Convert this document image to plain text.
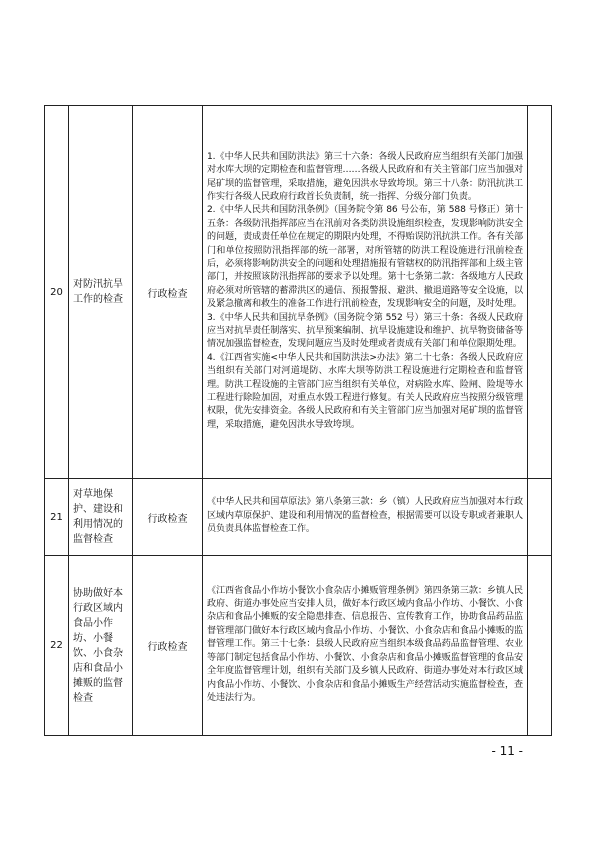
20	对防汛抗旱工作的检查	行政检查	1.《中华人民共和国防洪法》第三十六条：各级人民政府应当组织有关部门加强对水库大坝的定期检查和监督管理……各级人民政府和有关主管部门应当加强对尾矿坝的监督管理，采取措施，避免因洪水导致垮坝。第三十八条：防汛抗洪工作实行各级人民政府行政首长负责制，统一指挥、分级分部门负责。

2.《中华人民共和国防汛条例》（国务院令第 86 号公布，第 588 号修正）第十五条：各级防汛指挥部应当在汛前对各类防洪设施组织检查，发现影响防洪安全的问题，责成责任单位在规定的期限内处理，不得贻误防汛抗洪工作。各有关部门和单位按照防汛指挥部的统一部署，对所管辖的防洪工程设施进行汛前检查后，必须将影响防洪安全的问题和处理措施报有管辖权的防汛指挥部和上级主管部门，并按照该防汛指挥部的要求予以处理。第十七条第二款：各级地方人民政府必须对所管辖的蓄滞洪区的通信、预报警报、避洪、撤退道路等安全设施，以及紧急撤离和救生的准备工作进行汛前检查，发现影响安全的问题，及时处理。

3.《中华人民共和国抗旱条例》（国务院令第 552 号）第三十条：各级人民政府应当对抗旱责任制落实、抗旱预案编制、抗旱设施建设和维护、抗旱物资储备等情况加强监督检查，发现问题应当及时处理或者责成有关部门和单位限期处理。

4.《江西省实施<中华人民共和国防洪法>办法》第二十七条：各级人民政府应当组织有关部门对河道堤防、水库大坝等防洪工程设施进行定期检查和监督管理。防洪工程设施的主管部门应当组织有关单位，对病险水库、险闸、险堤等水工程进行除险加固，对重点水毁工程进行修复。有关人民政府应当按照分级管理权限，优先安排资金。各级人民政府和有关主管部门应当加强对尾矿坝的监督管理，采取措施，避免因洪水导致垮坝。	

21	对草地保护、建设和利用情况的监督检查	行政检查	《中华人民共和国草原法》第八条第三款：乡（镇）人民政府应当加强对本行政区域内草原保护、建设和利用情况的监督检查，根据需要可以设专职或者兼职人员负责具体监督检查工作。	

22	协助做好本行政区域内食品小作坊、小餐饮、小食杂店和食品小摊贩的监督检查	行政检查	《江西省食品小作坊小餐饮小食杂店小摊贩管理条例》第四条第三款：乡镇人民政府、街道办事处应当安排人员，做好本行政区域内食品小作坊、小餐饮、小食杂店和食品小摊贩的安全隐患排查、信息报告、宣传教育工作，协助食品药品监督管理部门做好本行政区域内食品小作坊、小餐饮、小食杂店和食品小摊贩的监督管理工作。第三十七条：县级人民政府应当组织本级食品药品监督管理、农业等部门制定包括食品小作坊、小餐饮、小食杂店和食品小摊贩监督管理的食品安全年度监督管理计划，组织有关部门及乡镇人民政府、街道办事处对本行政区域内食品小作坊、小餐饮、小食杂店和食品小摊贩生产经营活动实施监督检查，查处违法行为。	

- 11 -
